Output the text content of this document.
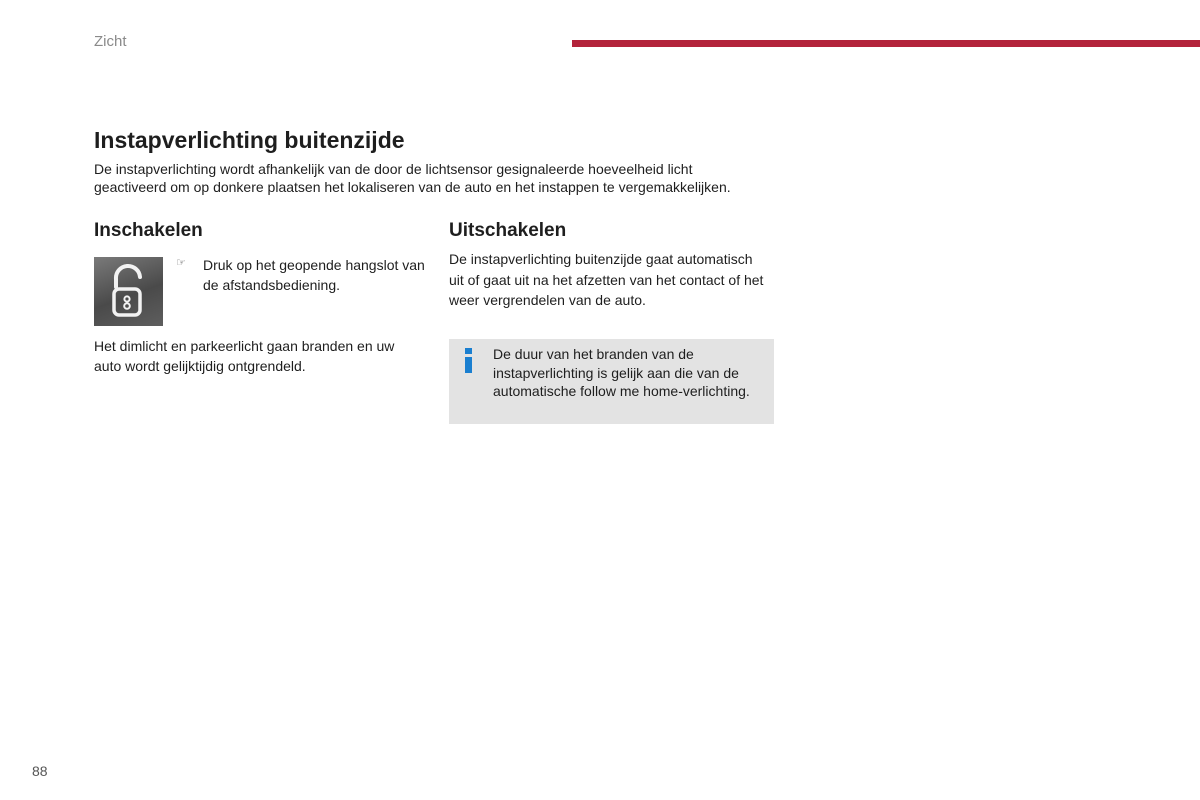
Zicht
Instapverlichting buitenzijde

De instapverlichting wordt afhankelijk van de door de lichtsensor gesignaleerde hoeveelheid licht geactiveerd om op donkere plaatsen het lokaliseren van de auto en het instappen te vergemakkelijken.

Inschakelen
☞ Druk op het geopende hangslot van de afstandsbediening.

Het dimlicht en parkeerlicht gaan branden en uw auto wordt gelijktijdig ontgrendeld.

Uitschakelen

De instapverlichting buitenzijde gaat automatisch uit of gaat uit na het afzetten van het contact of het weer vergrendelen van de auto.

De duur van het branden van de instapverlichting is gelijk aan die van de automatische follow me home-verlichting.

88
